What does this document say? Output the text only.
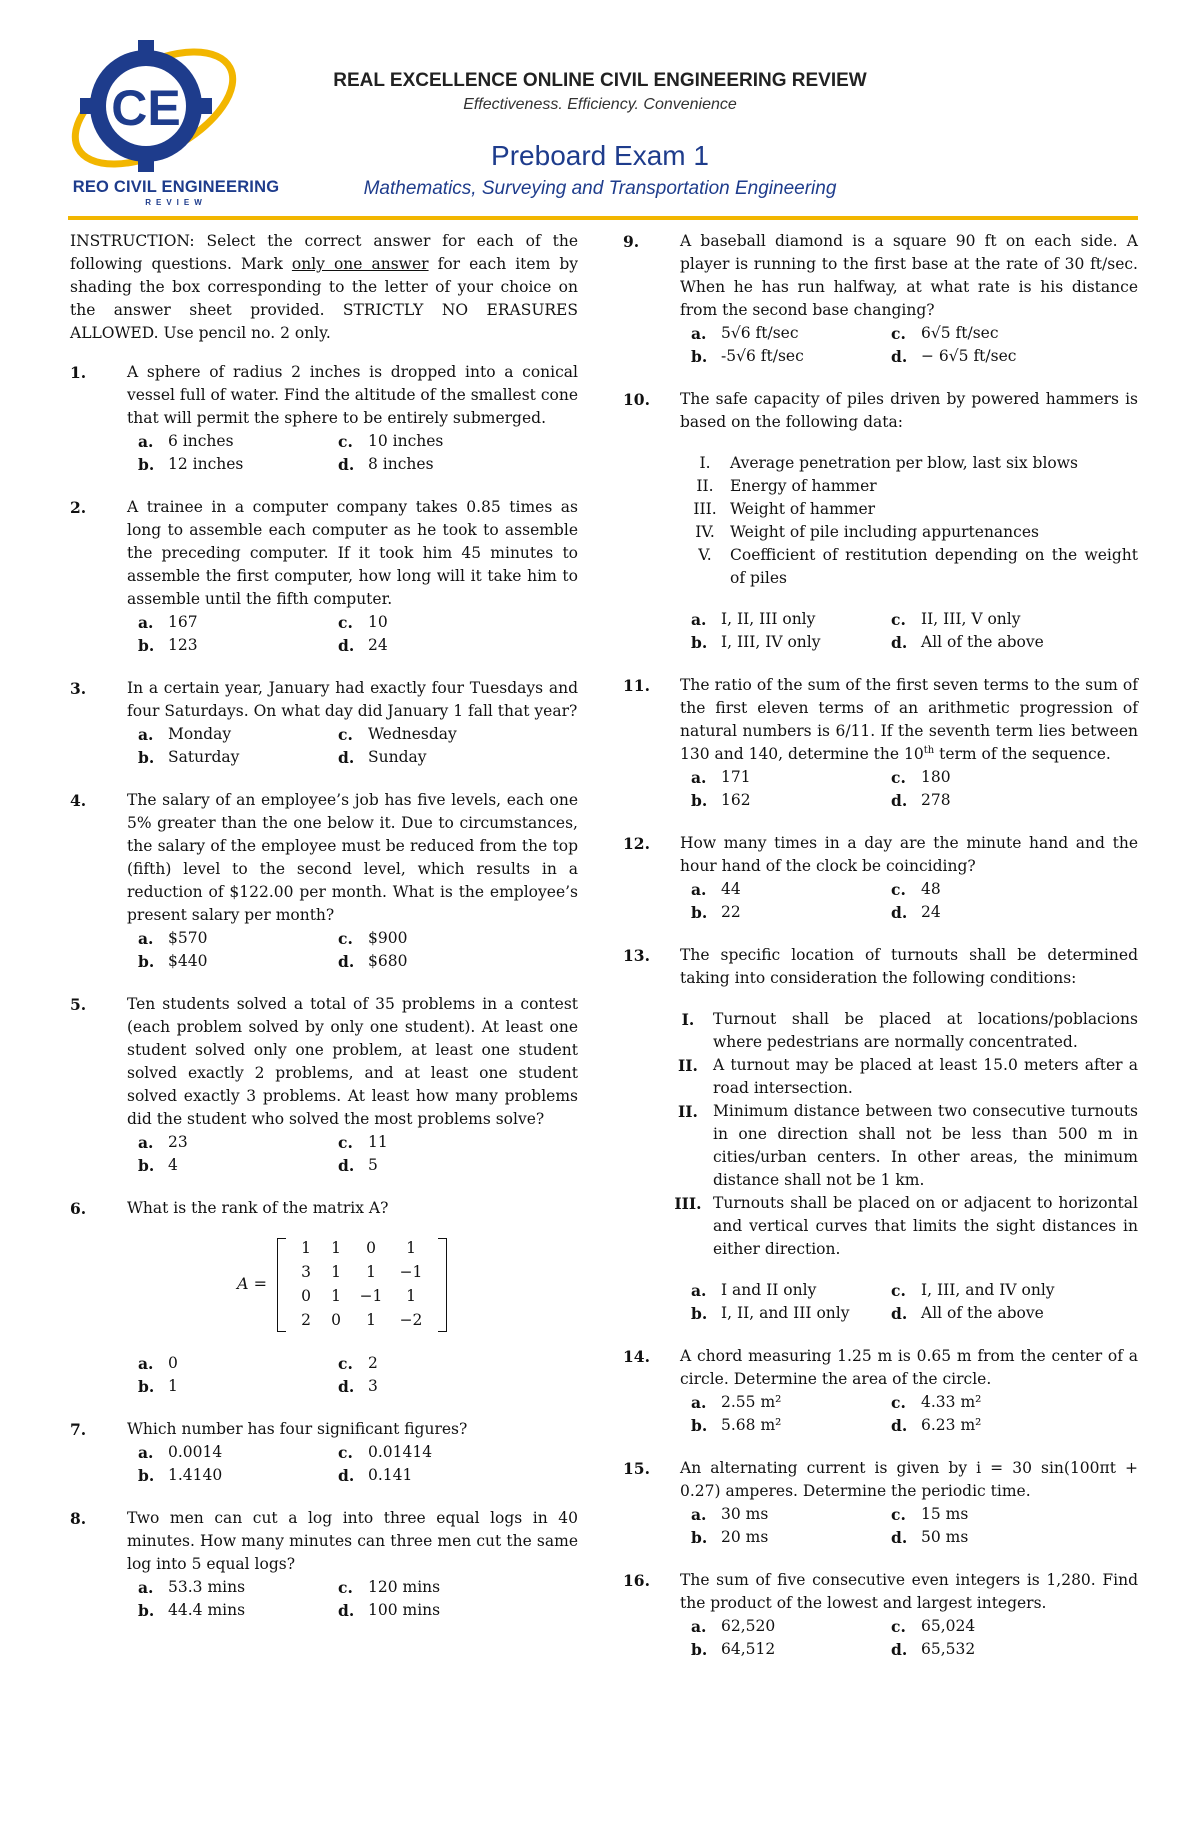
CE
REO CIVIL ENGINEERING
REVIEW
REAL EXCELLENCE ONLINE CIVIL ENGINEERING REVIEW
Effectiveness. Efficiency. Convenience
Preboard Exam 1
Mathematics, Surveying and Transportation Engineering
INSTRUCTION: Select the correct answer for each of the following questions. Mark only one answer for each item by shading the box corresponding to the letter of your choice on the answer sheet provided. STRICTLY NO ERASURES ALLOWED. Use pencil no. 2 only.
1.	A sphere of radius 2 inches is dropped into a conical vessel full of water. Find the altitude of the smallest cone that will permit the sphere to be entirely submerged.
a. 6 inches	c. 10 inches
b. 12 inches	d. 8 inches
2.	A trainee in a computer company takes 0.85 times as long to assemble each computer as he took to assemble the preceding computer. If it took him 45 minutes to assemble the first computer, how long will it take him to assemble until the fifth computer.
a. 167	c. 10
b. 123	d. 24
3.	In a certain year, January had exactly four Tuesdays and four Saturdays. On what day did January 1 fall that year?
a. Monday	c. Wednesday
b. Saturday	d. Sunday
4.	The salary of an employee’s job has five levels, each one 5% greater than the one below it. Due to circumstances, the salary of the employee must be reduced from the top (fifth) level to the second level, which results in a reduction of $122.00 per month. What is the employee’s present salary per month?
a. $570	c. $900
b. $440	d. $680
5.	Ten students solved a total of 35 problems in a contest (each problem solved by only one student). At least one student solved only one problem, at least one student solved exactly 2 problems, and at least one student solved exactly 3 problems. At least how many problems did the student who solved the most problems solve?
a. 23	c. 11
b. 4	d. 5
6.	What is the rank of the matrix A?
A =
1	1	0	1
3	1	1	−1
0	1	−1	1
2	0	1	−2
a. 0	c. 2
b. 1	d. 3
7.	Which number has four significant figures?
a. 0.0014	c. 0.01414
b. 1.4140	d. 0.141
8.	Two men can cut a log into three equal logs in 40 minutes. How many minutes can three men cut the same log into 5 equal logs?
a. 53.3 mins	c. 120 mins
b. 44.4 mins	d. 100 mins
9.	A baseball diamond is a square 90 ft on each side. A player is running to the first base at the rate of 30 ft/sec. When he has run halfway, at what rate is his distance from the second base changing?
a. 5√6 ft/sec	c. 6√5 ft/sec
b. -5√6 ft/sec	d. − 6√5 ft/sec
10.	The safe capacity of piles driven by powered hammers is based on the following data:
I.	Average penetration per blow, last six blows
II.	Energy of hammer
III. Weight of hammer
IV. Weight of pile including appurtenances
V.	Coefficient of restitution depending on the weight of piles
a. I, II, III only	c. II, III, V only
b. I, III, IV only	d. All of the above
11.	The ratio of the sum of the first seven terms to the sum of the first eleven terms of an arithmetic progression of natural numbers is 6/11. If the seventh term lies between 130 and 140, determine the 10th term of the sequence.
a. 171	c. 180
b. 162	d. 278
12.	How many times in a day are the minute hand and the hour hand of the clock be coinciding?
a. 44	c. 48
b. 22	d. 24
13.	The specific location of turnouts shall be determined taking into consideration the following conditions:
I.	Turnout shall be placed at locations/poblacions where pedestrians are normally concentrated.
II. A turnout may be placed at least 15.0 meters after a road intersection.
II. Minimum distance between two consecutive turnouts in one direction shall not be less than 500 m in cities/urban centers. In other areas, the minimum distance shall not be 1 km.
III. Turnouts shall be placed on or adjacent to horizontal and vertical curves that limits the sight distances in either direction.
a. I and II only	c. I, III, and IV only
b. I, II, and III only	d. All of the above
14.	A chord measuring 1.25 m is 0.65 m from the center of a circle. Determine the area of the circle.
a. 2.55 m²	c. 4.33 m²
b. 5.68 m²	d. 6.23 m²
15.	An alternating current is given by i = 30 sin(100πt + 0.27) amperes. Determine the periodic time.
a. 30 ms	c. 15 ms
b. 20 ms	d. 50 ms
16.	The sum of five consecutive even integers is 1,280. Find the product of the lowest and largest integers.
a. 62,520	c. 65,024
b. 64,512	d. 65,532
